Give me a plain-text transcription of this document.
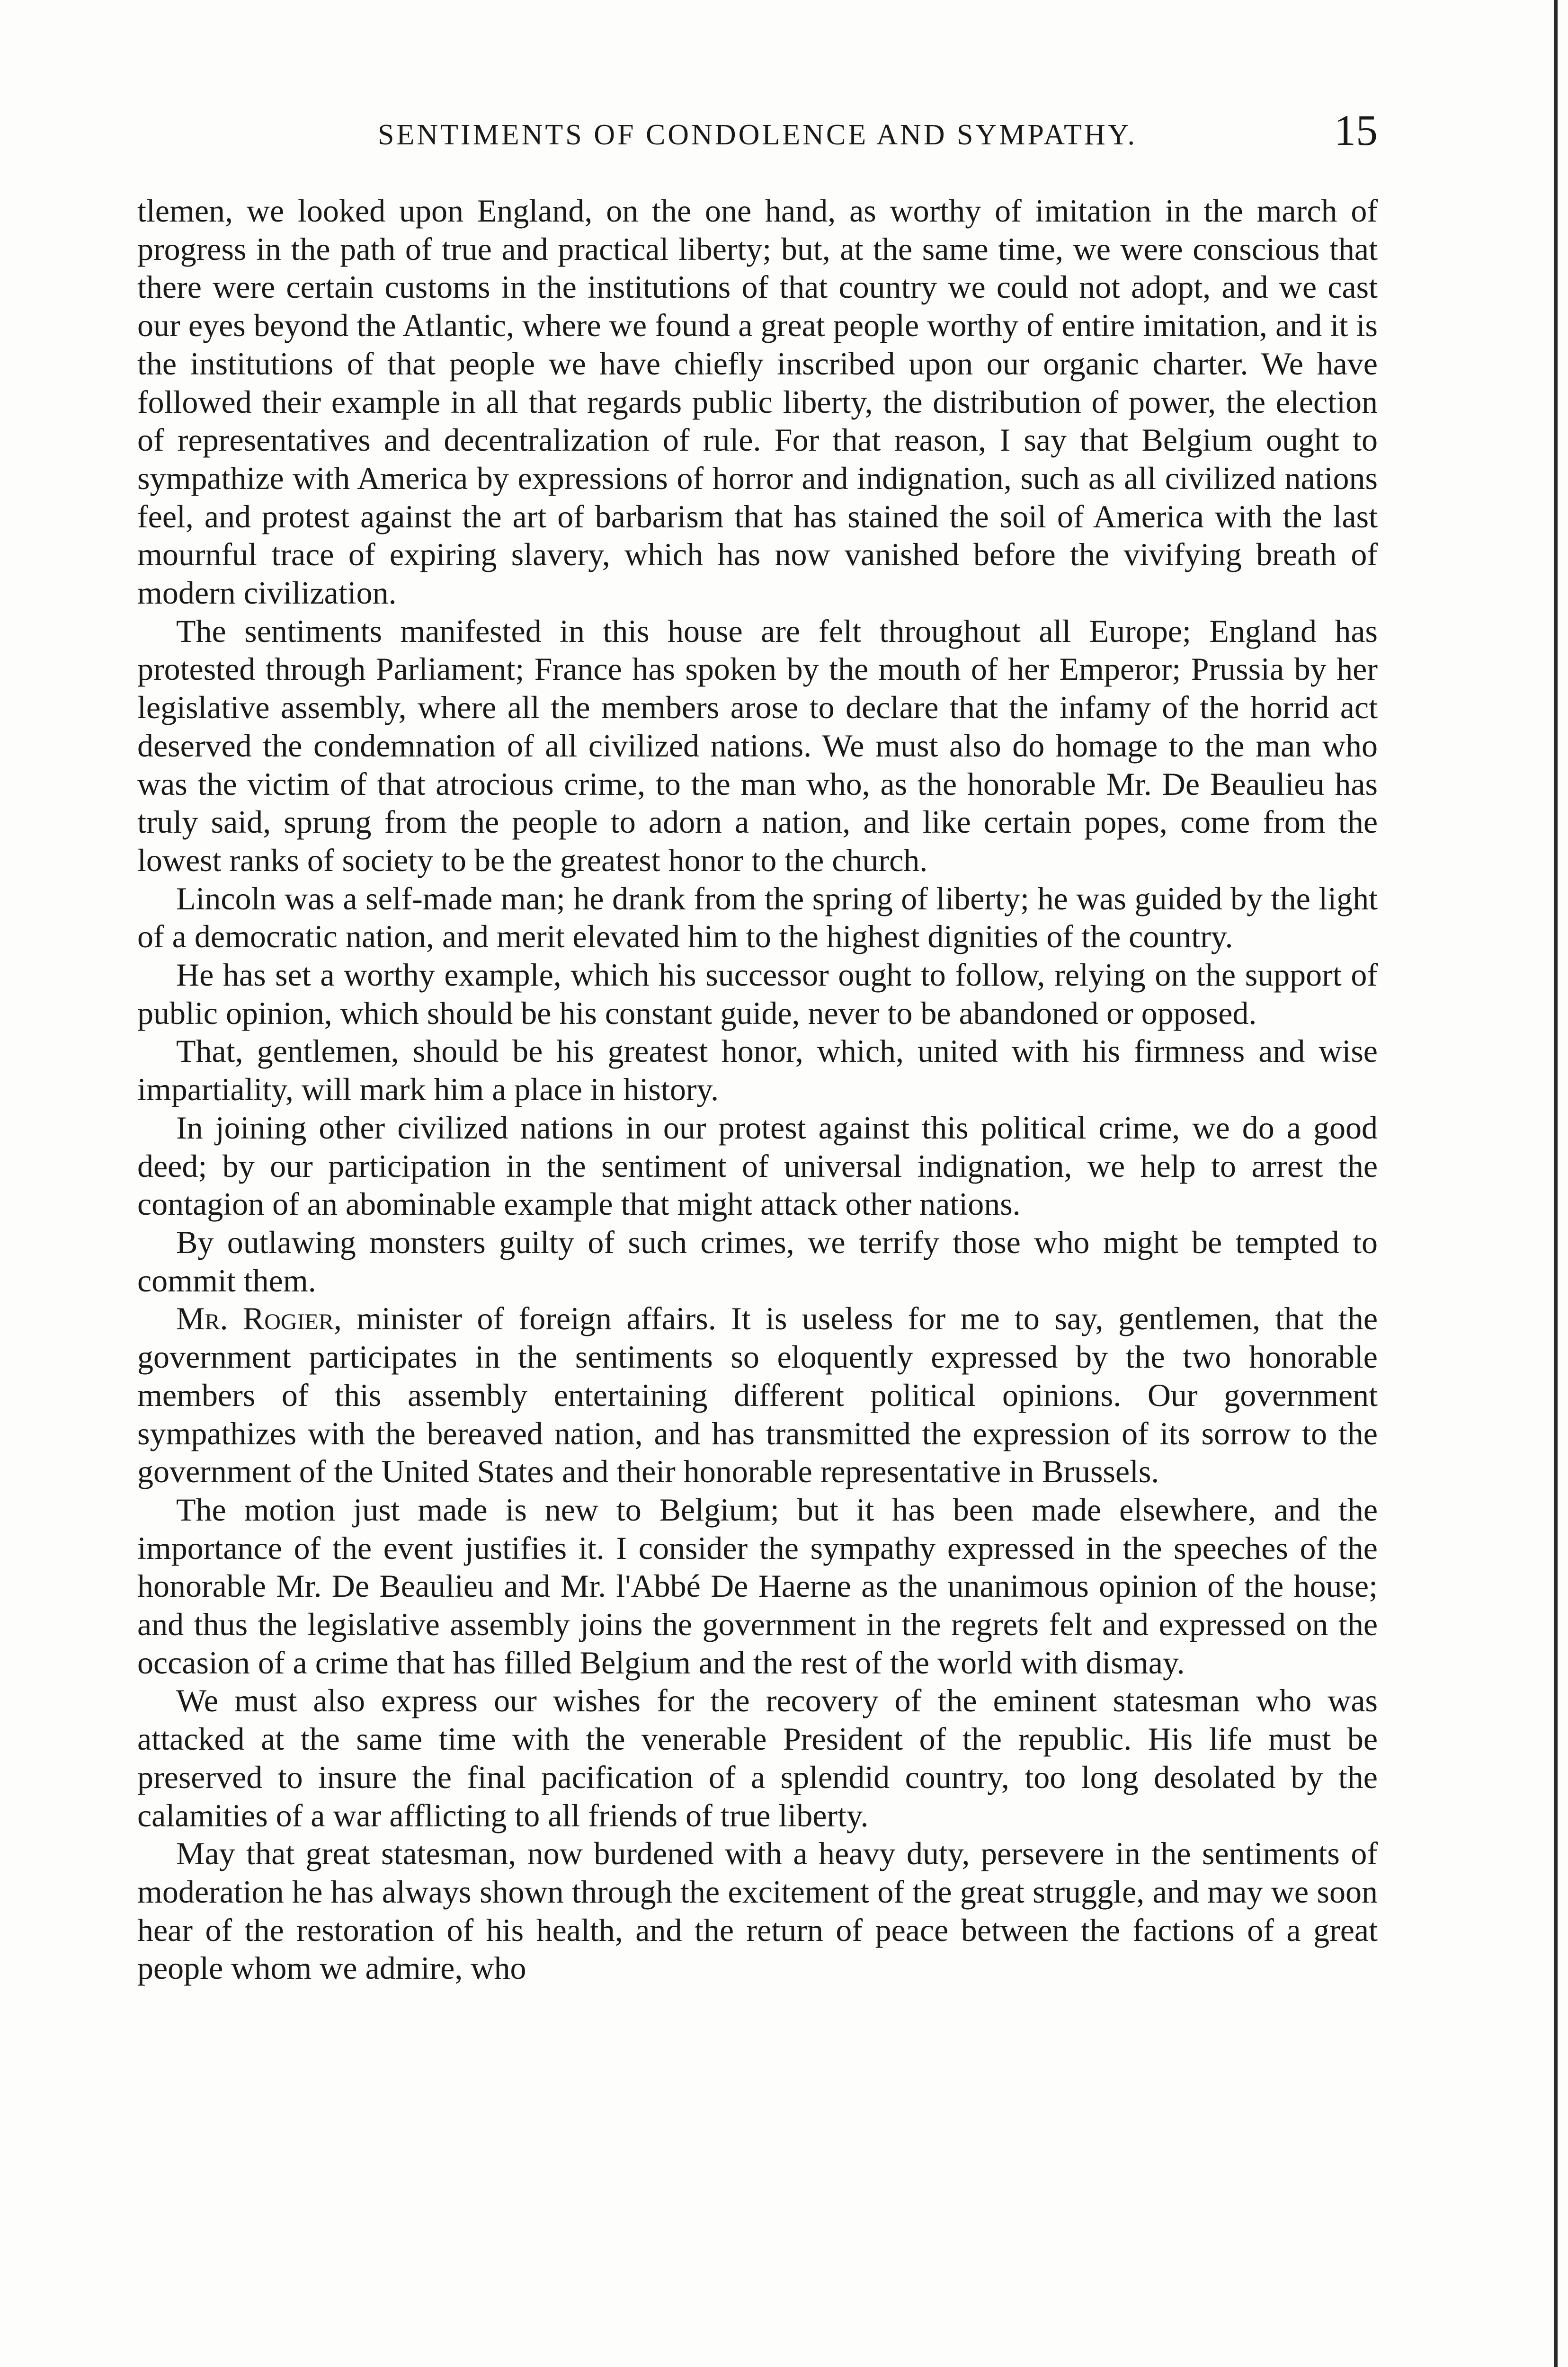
SENTIMENTS OF CONDOLENCE AND SYMPATHY.	15

tlemen, we looked upon England, on the one hand, as worthy of imitation in the march of progress in the path of true and practical liberty; but, at the same time, we were conscious that there were certain customs in the institutions of that country we could not adopt, and we cast our eyes beyond the Atlantic, where we found a great people worthy of entire imitation, and it is the institutions of that people we have chiefly inscribed upon our organic charter. We have followed their example in all that regards public liberty, the distribution of power, the election of representatives and decentralization of rule. For that reason, I say that Belgium ought to sympathize with America by expressions of horror and indignation, such as all civilized nations feel, and protest against the art of barbarism that has stained the soil of America with the last mournful trace of expiring slavery, which has now vanished before the vivifying breath of modern civilization.

The sentiments manifested in this house are felt throughout all Europe; England has protested through Parliament; France has spoken by the mouth of her Emperor; Prussia by her legislative assembly, where all the members arose to declare that the infamy of the horrid act deserved the condemnation of all civilized nations. We must also do homage to the man who was the victim of that atrocious crime, to the man who, as the honorable Mr. De Beaulieu has truly said, sprung from the people to adorn a nation, and like certain popes, come from the lowest ranks of society to be the greatest honor to the church.

Lincoln was a self-made man; he drank from the spring of liberty; he was guided by the light of a democratic nation, and merit elevated him to the highest dignities of the country.

He has set a worthy example, which his successor ought to follow, relying on the support of public opinion, which should be his constant guide, never to be abandoned or opposed.

That, gentlemen, should be his greatest honor, which, united with his firmness and wise impartiality, will mark him a place in history.

In joining other civilized nations in our protest against this political crime, we do a good deed; by our participation in the sentiment of universal indignation, we help to arrest the contagion of an abominable example that might attack other nations.

By outlawing monsters guilty of such crimes, we terrify those who might be tempted to commit them.

Mr. Rogier, minister of foreign affairs. It is useless for me to say, gentlemen, that the government participates in the sentiments so eloquently expressed by the two honorable members of this assembly entertaining different political opinions. Our government sympathizes with the bereaved nation, and has transmitted the expression of its sorrow to the government of the United States and their honorable representative in Brussels.

The motion just made is new to Belgium; but it has been made elsewhere, and the importance of the event justifies it. I consider the sympathy expressed in the speeches of the honorable Mr. De Beaulieu and Mr. l'Abbé De Haerne as the unanimous opinion of the house; and thus the legislative assembly joins the government in the regrets felt and expressed on the occasion of a crime that has filled Belgium and the rest of the world with dismay.

We must also express our wishes for the recovery of the eminent statesman who was attacked at the same time with the venerable President of the republic. His life must be preserved to insure the final pacification of a splendid country, too long desolated by the calamities of a war afflicting to all friends of true liberty.

May that great statesman, now burdened with a heavy duty, persevere in the sentiments of moderation he has always shown through the excitement of the great struggle, and may we soon hear of the restoration of his health, and the return of peace between the factions of a great people whom we admire, who
